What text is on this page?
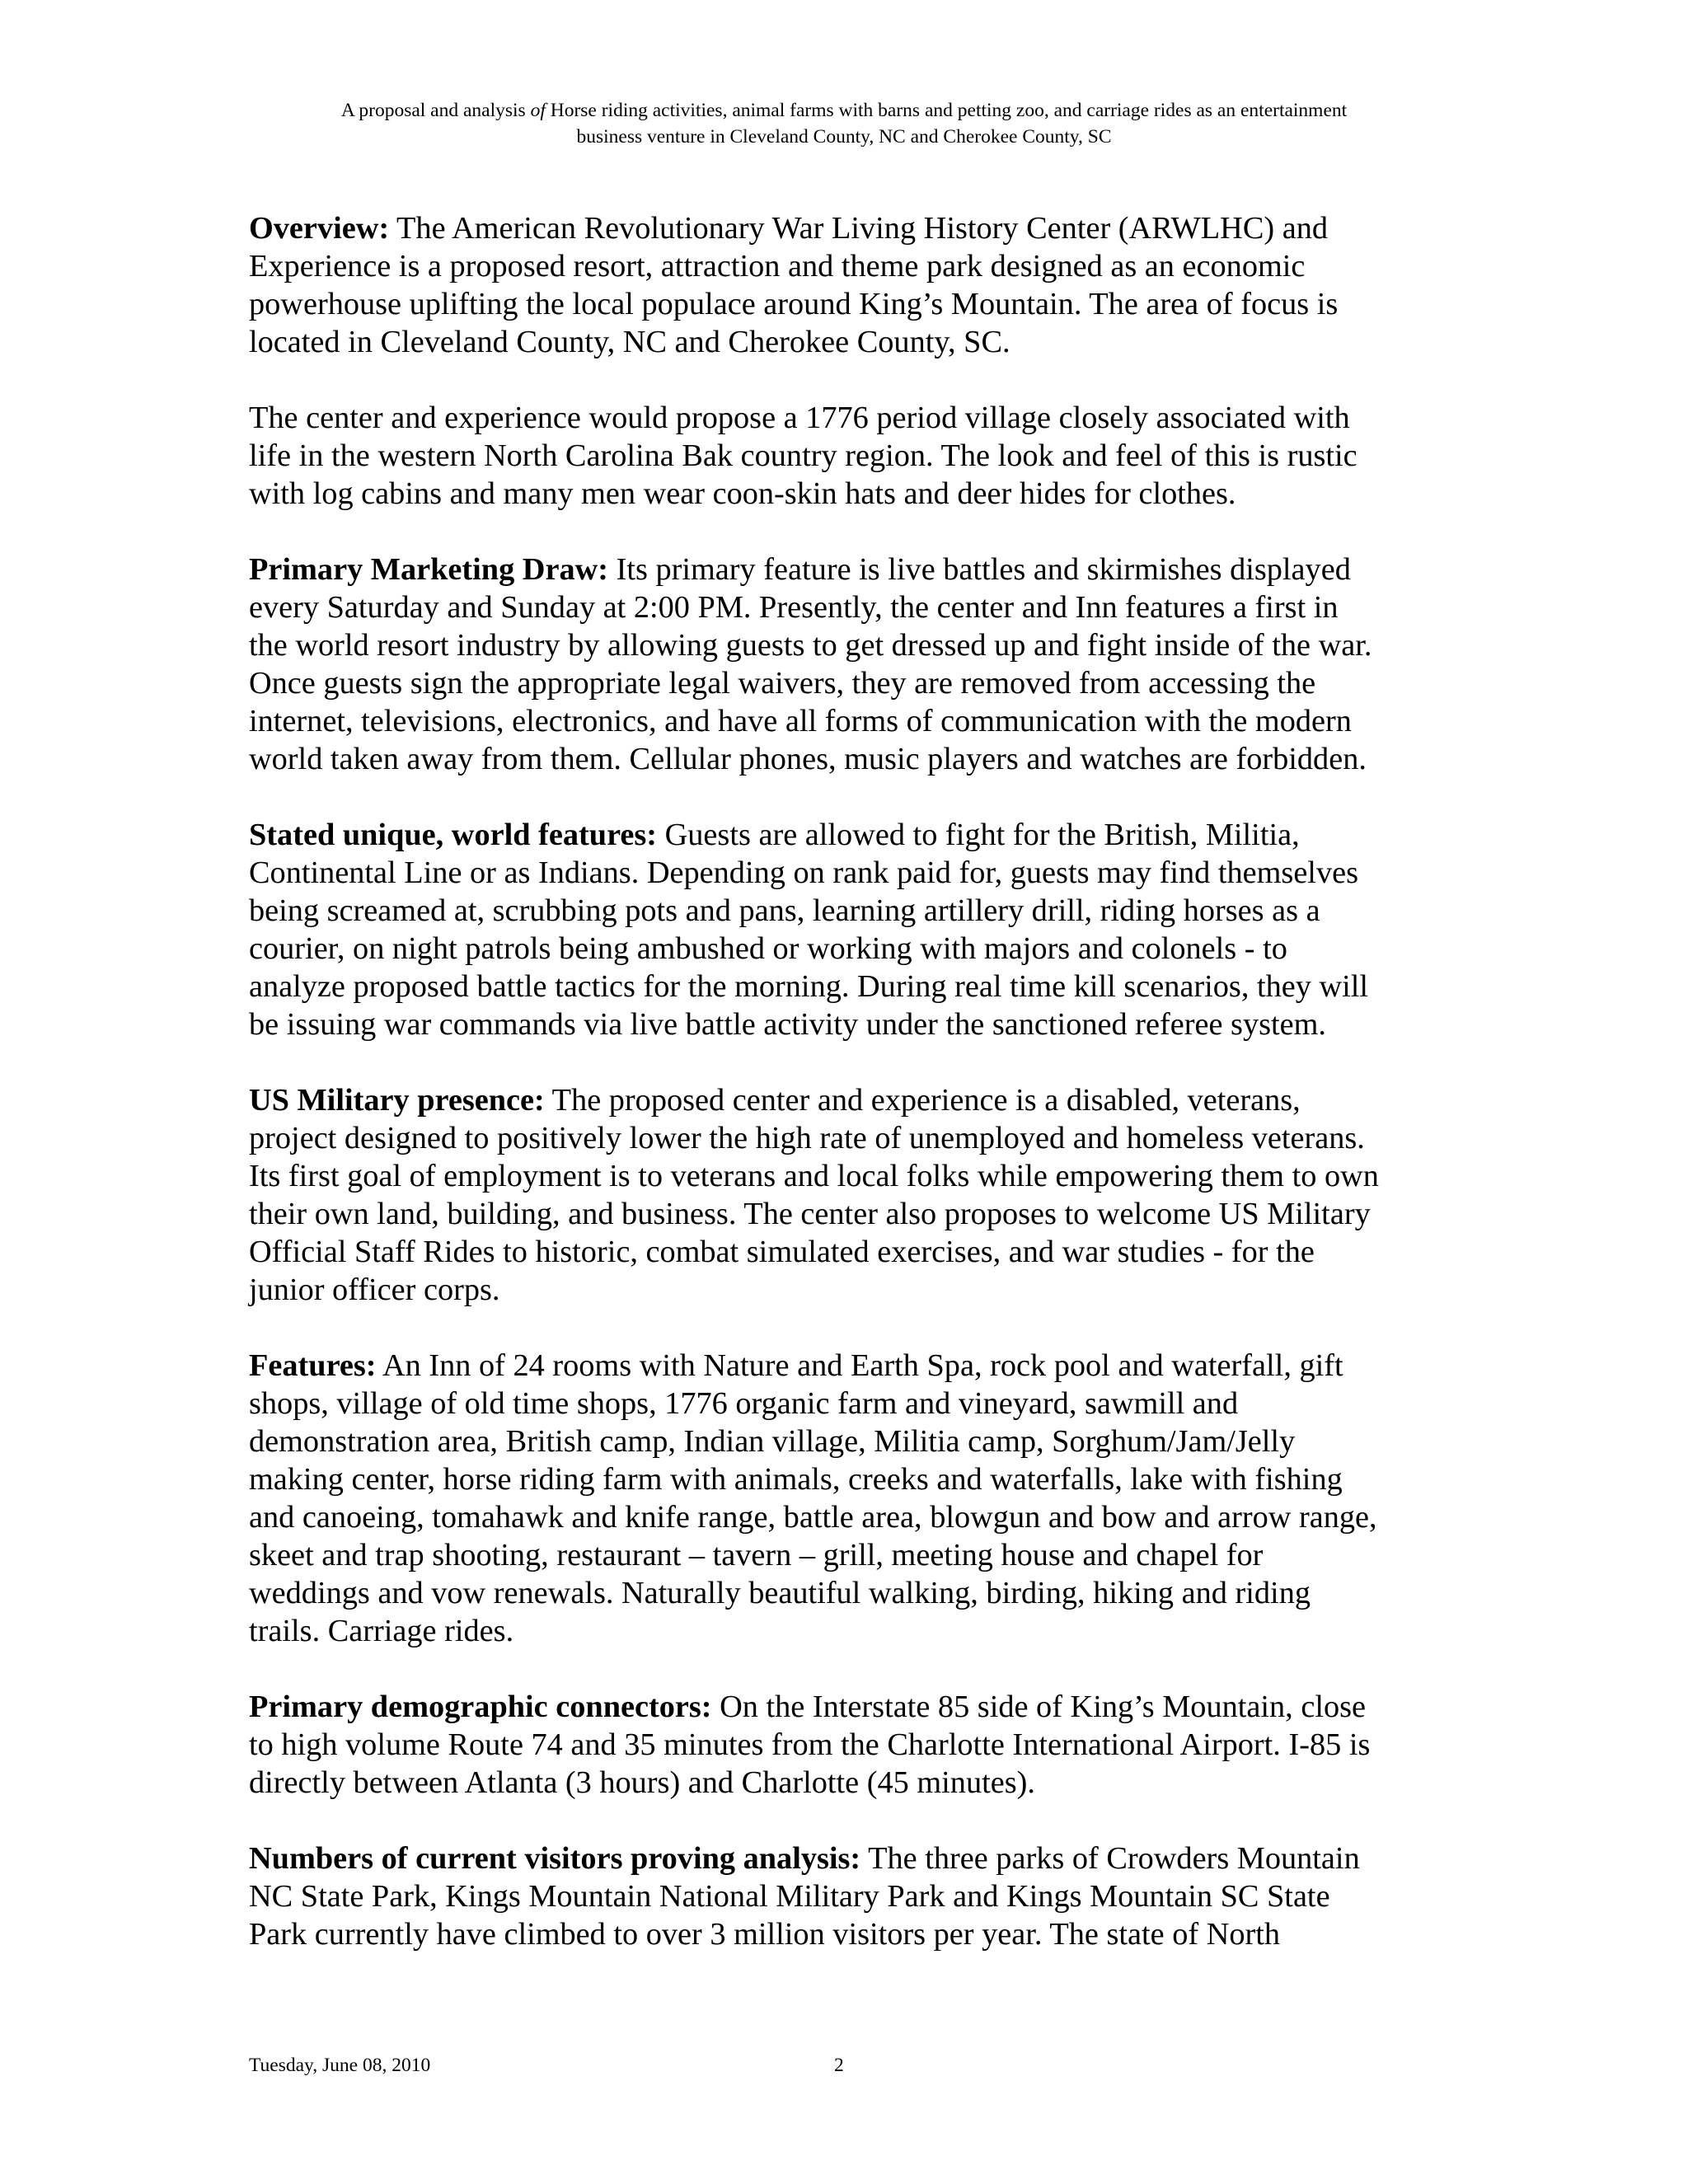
A proposal and analysis of Horse riding activities, animal farms with barns and petting zoo, and carriage rides as an entertainment
business venture in Cleveland County, NC and Cherokee County, SC
Overview: The American Revolutionary War Living History Center (ARWLHC) and
Experience is a proposed resort, attraction and theme park designed as an economic
powerhouse uplifting the local populace around King’s Mountain. The area of focus is
located in Cleveland County, NC and Cherokee County, SC.
The center and experience would propose a 1776 period village closely associated with
life in the western North Carolina Bak country region. The look and feel of this is rustic
with log cabins and many men wear coon-skin hats and deer hides for clothes.
Primary Marketing Draw: Its primary feature is live battles and skirmishes displayed
every Saturday and Sunday at 2:00 PM. Presently, the center and Inn features a first in
the world resort industry by allowing guests to get dressed up and fight inside of the war.
Once guests sign the appropriate legal waivers, they are removed from accessing the
internet, televisions, electronics, and have all forms of communication with the modern
world taken away from them. Cellular phones, music players and watches are forbidden.
Stated unique, world features: Guests are allowed to fight for the British, Militia,
Continental Line or as Indians. Depending on rank paid for, guests may find themselves
being screamed at, scrubbing pots and pans, learning artillery drill, riding horses as a
courier, on night patrols being ambushed or working with majors and colonels - to
analyze proposed battle tactics for the morning. During real time kill scenarios, they will
be issuing war commands via live battle activity under the sanctioned referee system.
US Military presence: The proposed center and experience is a disabled, veterans,
project designed to positively lower the high rate of unemployed and homeless veterans.
Its first goal of employment is to veterans and local folks while empowering them to own
their own land, building, and business. The center also proposes to welcome US Military
Official Staff Rides to historic, combat simulated exercises, and war studies - for the
junior officer corps.
Features: An Inn of 24 rooms with Nature and Earth Spa, rock pool and waterfall, gift
shops, village of old time shops, 1776 organic farm and vineyard, sawmill and
demonstration area, British camp, Indian village, Militia camp, Sorghum/Jam/Jelly
making center, horse riding farm with animals, creeks and waterfalls, lake with fishing
and canoeing, tomahawk and knife range, battle area, blowgun and bow and arrow range,
skeet and trap shooting, restaurant – tavern – grill, meeting house and chapel for
weddings and vow renewals. Naturally beautiful walking, birding, hiking and riding
trails. Carriage rides.
Primary demographic connectors: On the Interstate 85 side of King’s Mountain, close
to high volume Route 74 and 35 minutes from the Charlotte International Airport. I-85 is
directly between Atlanta (3 hours) and Charlotte (45 minutes).
Numbers of current visitors proving analysis: The three parks of Crowders Mountain
NC State Park, Kings Mountain National Military Park and Kings Mountain SC State
Park currently have climbed to over 3 million visitors per year. The state of North
Tuesday, June 08, 2010	2
